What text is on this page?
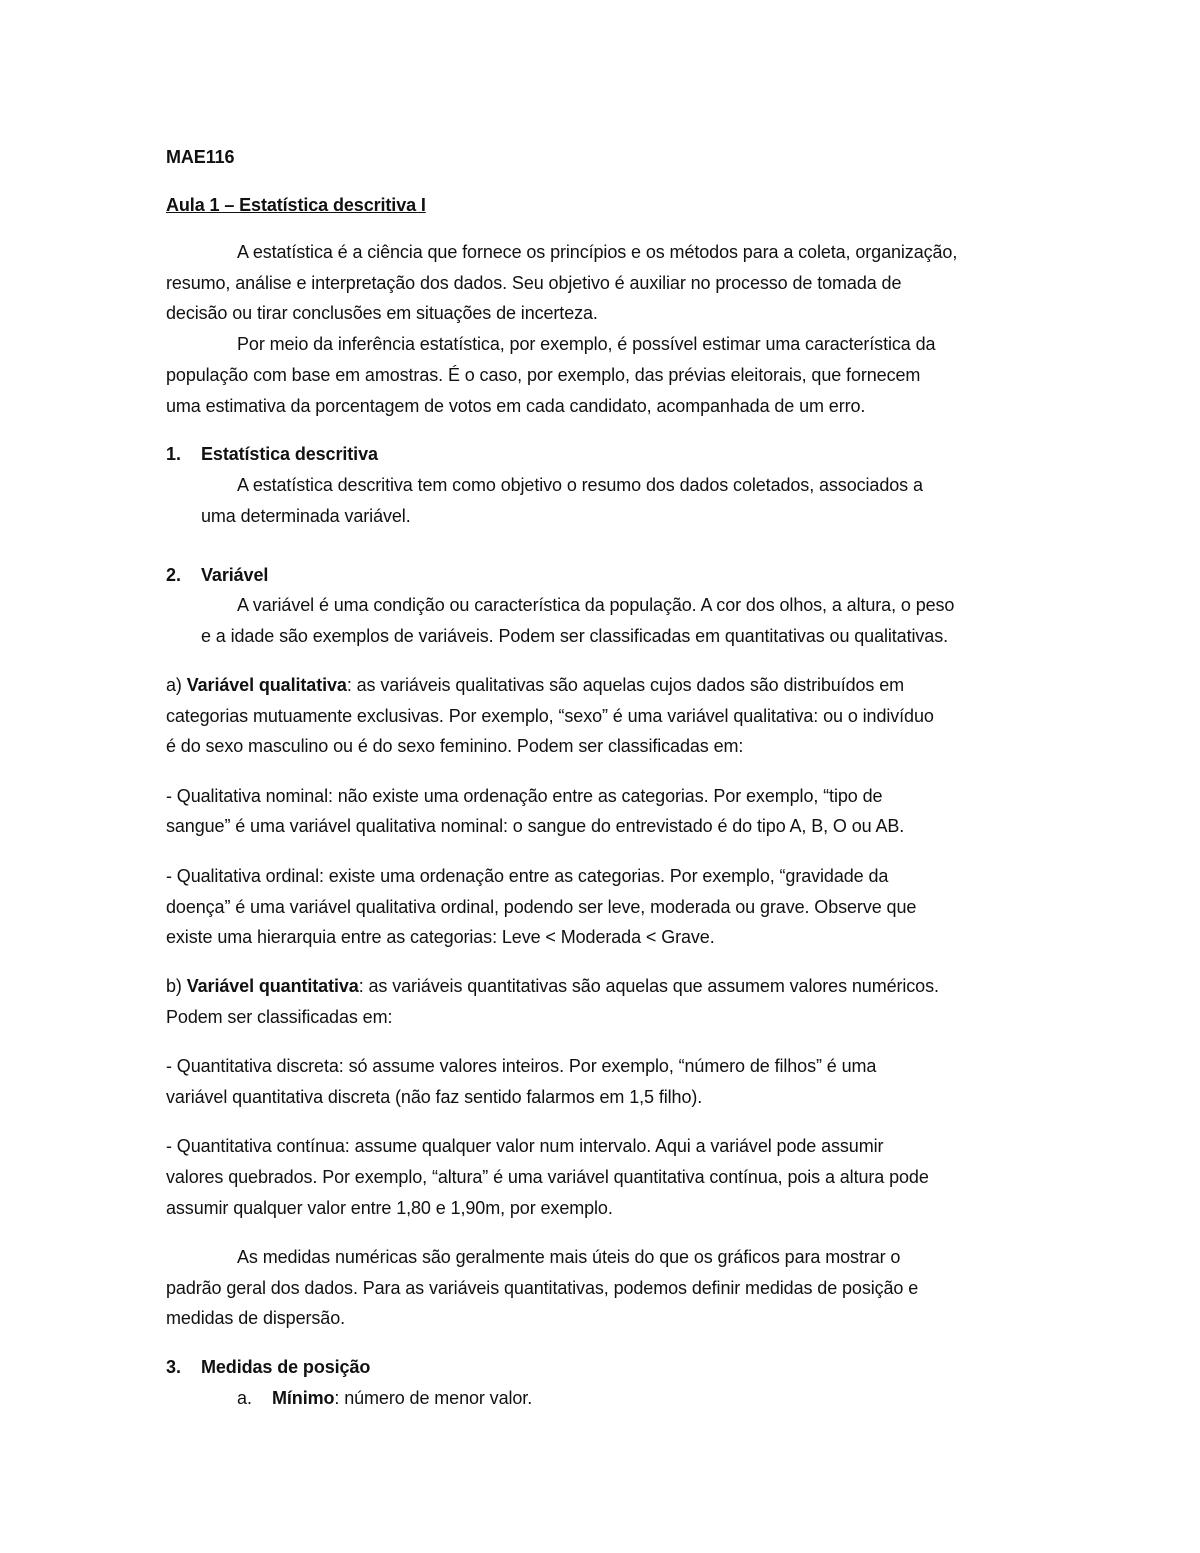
MAE116
Aula 1 – Estatística descritiva I
A estatística é a ciência que fornece os princípios e os métodos para a coleta, organização,
resumo, análise e interpretação dos dados. Seu objetivo é auxiliar no processo de tomada de
decisão ou tirar conclusões em situações de incerteza.
Por meio da inferência estatística, por exemplo, é possível estimar uma característica da
população com base em amostras. É o caso, por exemplo, das prévias eleitorais, que fornecem
uma estimativa da porcentagem de votos em cada candidato, acompanhada de um erro.
1. Estatística descritiva
A estatística descritiva tem como objetivo o resumo dos dados coletados, associados a
uma determinada variável.
2. Variável
A variável é uma condição ou característica da população. A cor dos olhos, a altura, o peso
e a idade são exemplos de variáveis. Podem ser classificadas em quantitativas ou qualitativas.
a) Variável qualitativa: as variáveis qualitativas são aquelas cujos dados são distribuídos em
categorias mutuamente exclusivas. Por exemplo, “sexo” é uma variável qualitativa: ou o indivíduo
é do sexo masculino ou é do sexo feminino. Podem ser classificadas em:
- Qualitativa nominal: não existe uma ordenação entre as categorias. Por exemplo, “tipo de
sangue” é uma variável qualitativa nominal: o sangue do entrevistado é do tipo A, B, O ou AB.
- Qualitativa ordinal: existe uma ordenação entre as categorias. Por exemplo, “gravidade da
doença” é uma variável qualitativa ordinal, podendo ser leve, moderada ou grave. Observe que
existe uma hierarquia entre as categorias: Leve < Moderada < Grave.
b) Variável quantitativa: as variáveis quantitativas são aquelas que assumem valores numéricos.
Podem ser classificadas em:
- Quantitativa discreta: só assume valores inteiros. Por exemplo, “número de filhos” é uma
variável quantitativa discreta (não faz sentido falarmos em 1,5 filho).
- Quantitativa contínua: assume qualquer valor num intervalo. Aqui a variável pode assumir
valores quebrados. Por exemplo, “altura” é uma variável quantitativa contínua, pois a altura pode
assumir qualquer valor entre 1,80 e 1,90m, por exemplo.
As medidas numéricas são geralmente mais úteis do que os gráficos para mostrar o
padrão geral dos dados. Para as variáveis quantitativas, podemos definir medidas de posição e
medidas de dispersão.
3. Medidas de posição
a. Mínimo: número de menor valor.
